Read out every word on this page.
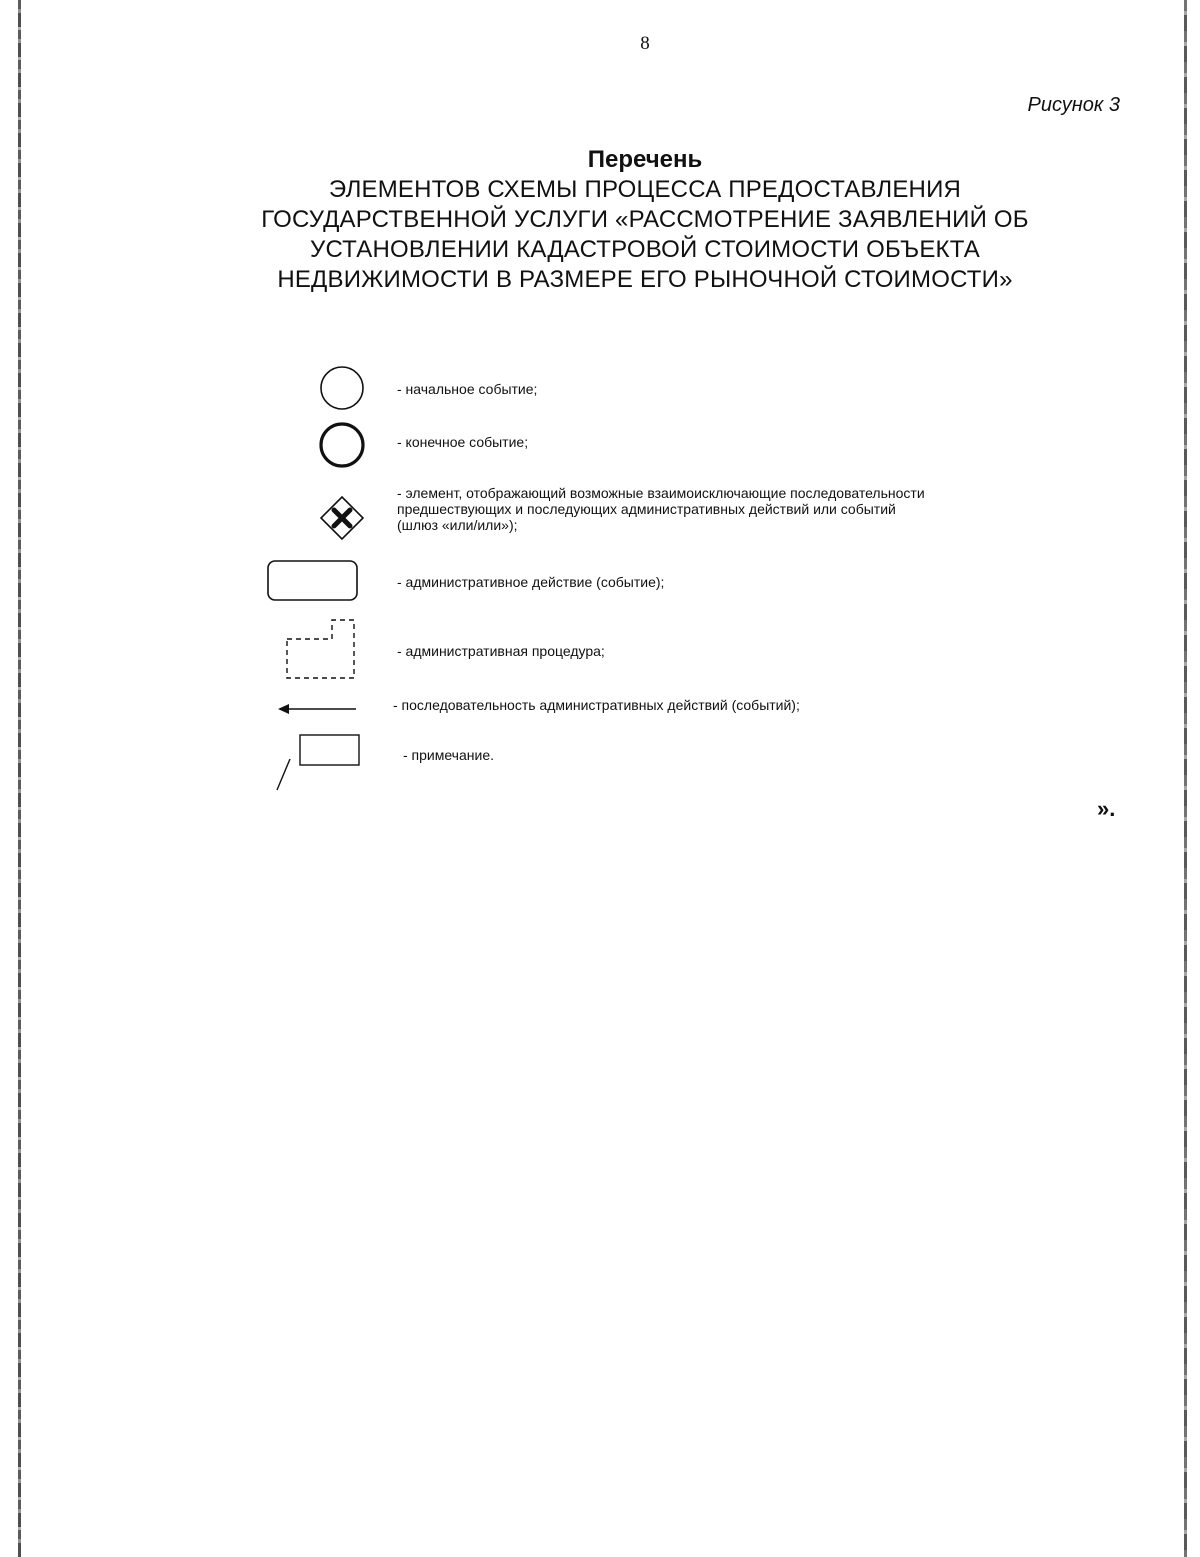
8
Рисунок 3
Перечень
ЭЛЕМЕНТОВ СХЕМЫ ПРОЦЕССА ПРЕДОСТАВЛЕНИЯ
ГОСУДАРСТВЕННОЙ УСЛУГИ «РАССМОТРЕНИЕ ЗАЯВЛЕНИЙ ОБ
УСТАНОВЛЕНИИ КАДАСТРОВОЙ СТОИМОСТИ ОБЪЕКТА
НЕДВИЖИМОСТИ В РАЗМЕРЕ ЕГО РЫНОЧНОЙ СТОИМОСТИ»
- начальное событие;
- конечное событие;
- элемент, отображающий возможные взаимоисключающие последовательности
предшествующих и последующих административных действий или событий
(шлюз «или/или»);
- административное действие (событие);
- административная процедура;
- последовательность административных действий (событий);
- примечание.
».
